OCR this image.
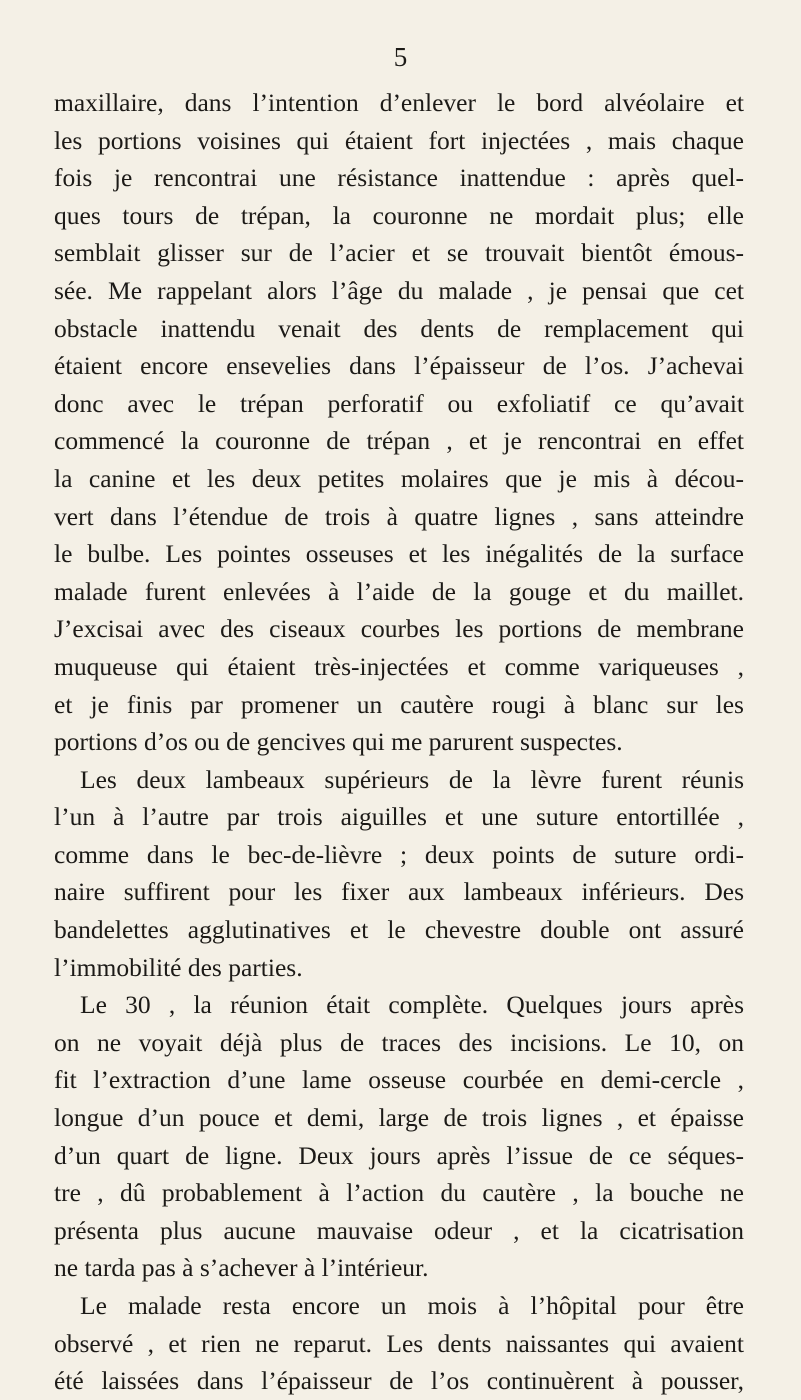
5
maxillaire, dans l’intention d’enlever le bord alvéolaire et
les portions voisines qui étaient fort injectées , mais chaque
fois je rencontrai une résistance inattendue : après quel-
ques tours de trépan, la couronne ne mordait plus; elle
semblait glisser sur de l’acier et se trouvait bientôt émous-
sée. Me rappelant alors l’âge du malade , je pensai que cet
obstacle inattendu venait des dents de remplacement qui
étaient encore ensevelies dans l’épaisseur de l’os. J’achevai
donc avec le trépan perforatif ou exfoliatif ce qu’avait
commencé la couronne de trépan , et je rencontrai en effet
la canine et les deux petites molaires que je mis à décou-
vert dans l’étendue de trois à quatre lignes , sans atteindre
le bulbe. Les pointes osseuses et les inégalités de la surface
malade furent enlevées à l’aide de la gouge et du maillet.
J’excisai avec des ciseaux courbes les portions de membrane
muqueuse qui étaient très-injectées et comme variqueuses ,
et je finis par promener un cautère rougi à blanc sur les
portions d’os ou de gencives qui me parurent suspectes.
Les deux lambeaux supérieurs de la lèvre furent réunis
l’un à l’autre par trois aiguilles et une suture entortillée ,
comme dans le bec-de-lièvre ; deux points de suture ordi-
naire suffirent pour les fixer aux lambeaux inférieurs. Des
bandelettes agglutinatives et le chevestre double ont assuré
l’immobilité des parties.
Le 30 , la réunion était complète. Quelques jours après
on ne voyait déjà plus de traces des incisions. Le 10, on
fit l’extraction d’une lame osseuse courbée en demi-cercle ,
longue d’un pouce et demi, large de trois lignes , et épaisse
d’un quart de ligne. Deux jours après l’issue de ce séques-
tre , dû probablement à l’action du cautère , la bouche ne
présenta plus aucune mauvaise odeur , et la cicatrisation
ne tarda pas à s’achever à l’intérieur.
Le malade resta encore un mois à l’hôpital pour être
observé , et rien ne reparut. Les dents naissantes qui avaient
été laissées dans l’épaisseur de l’os continuèrent à pousser,
